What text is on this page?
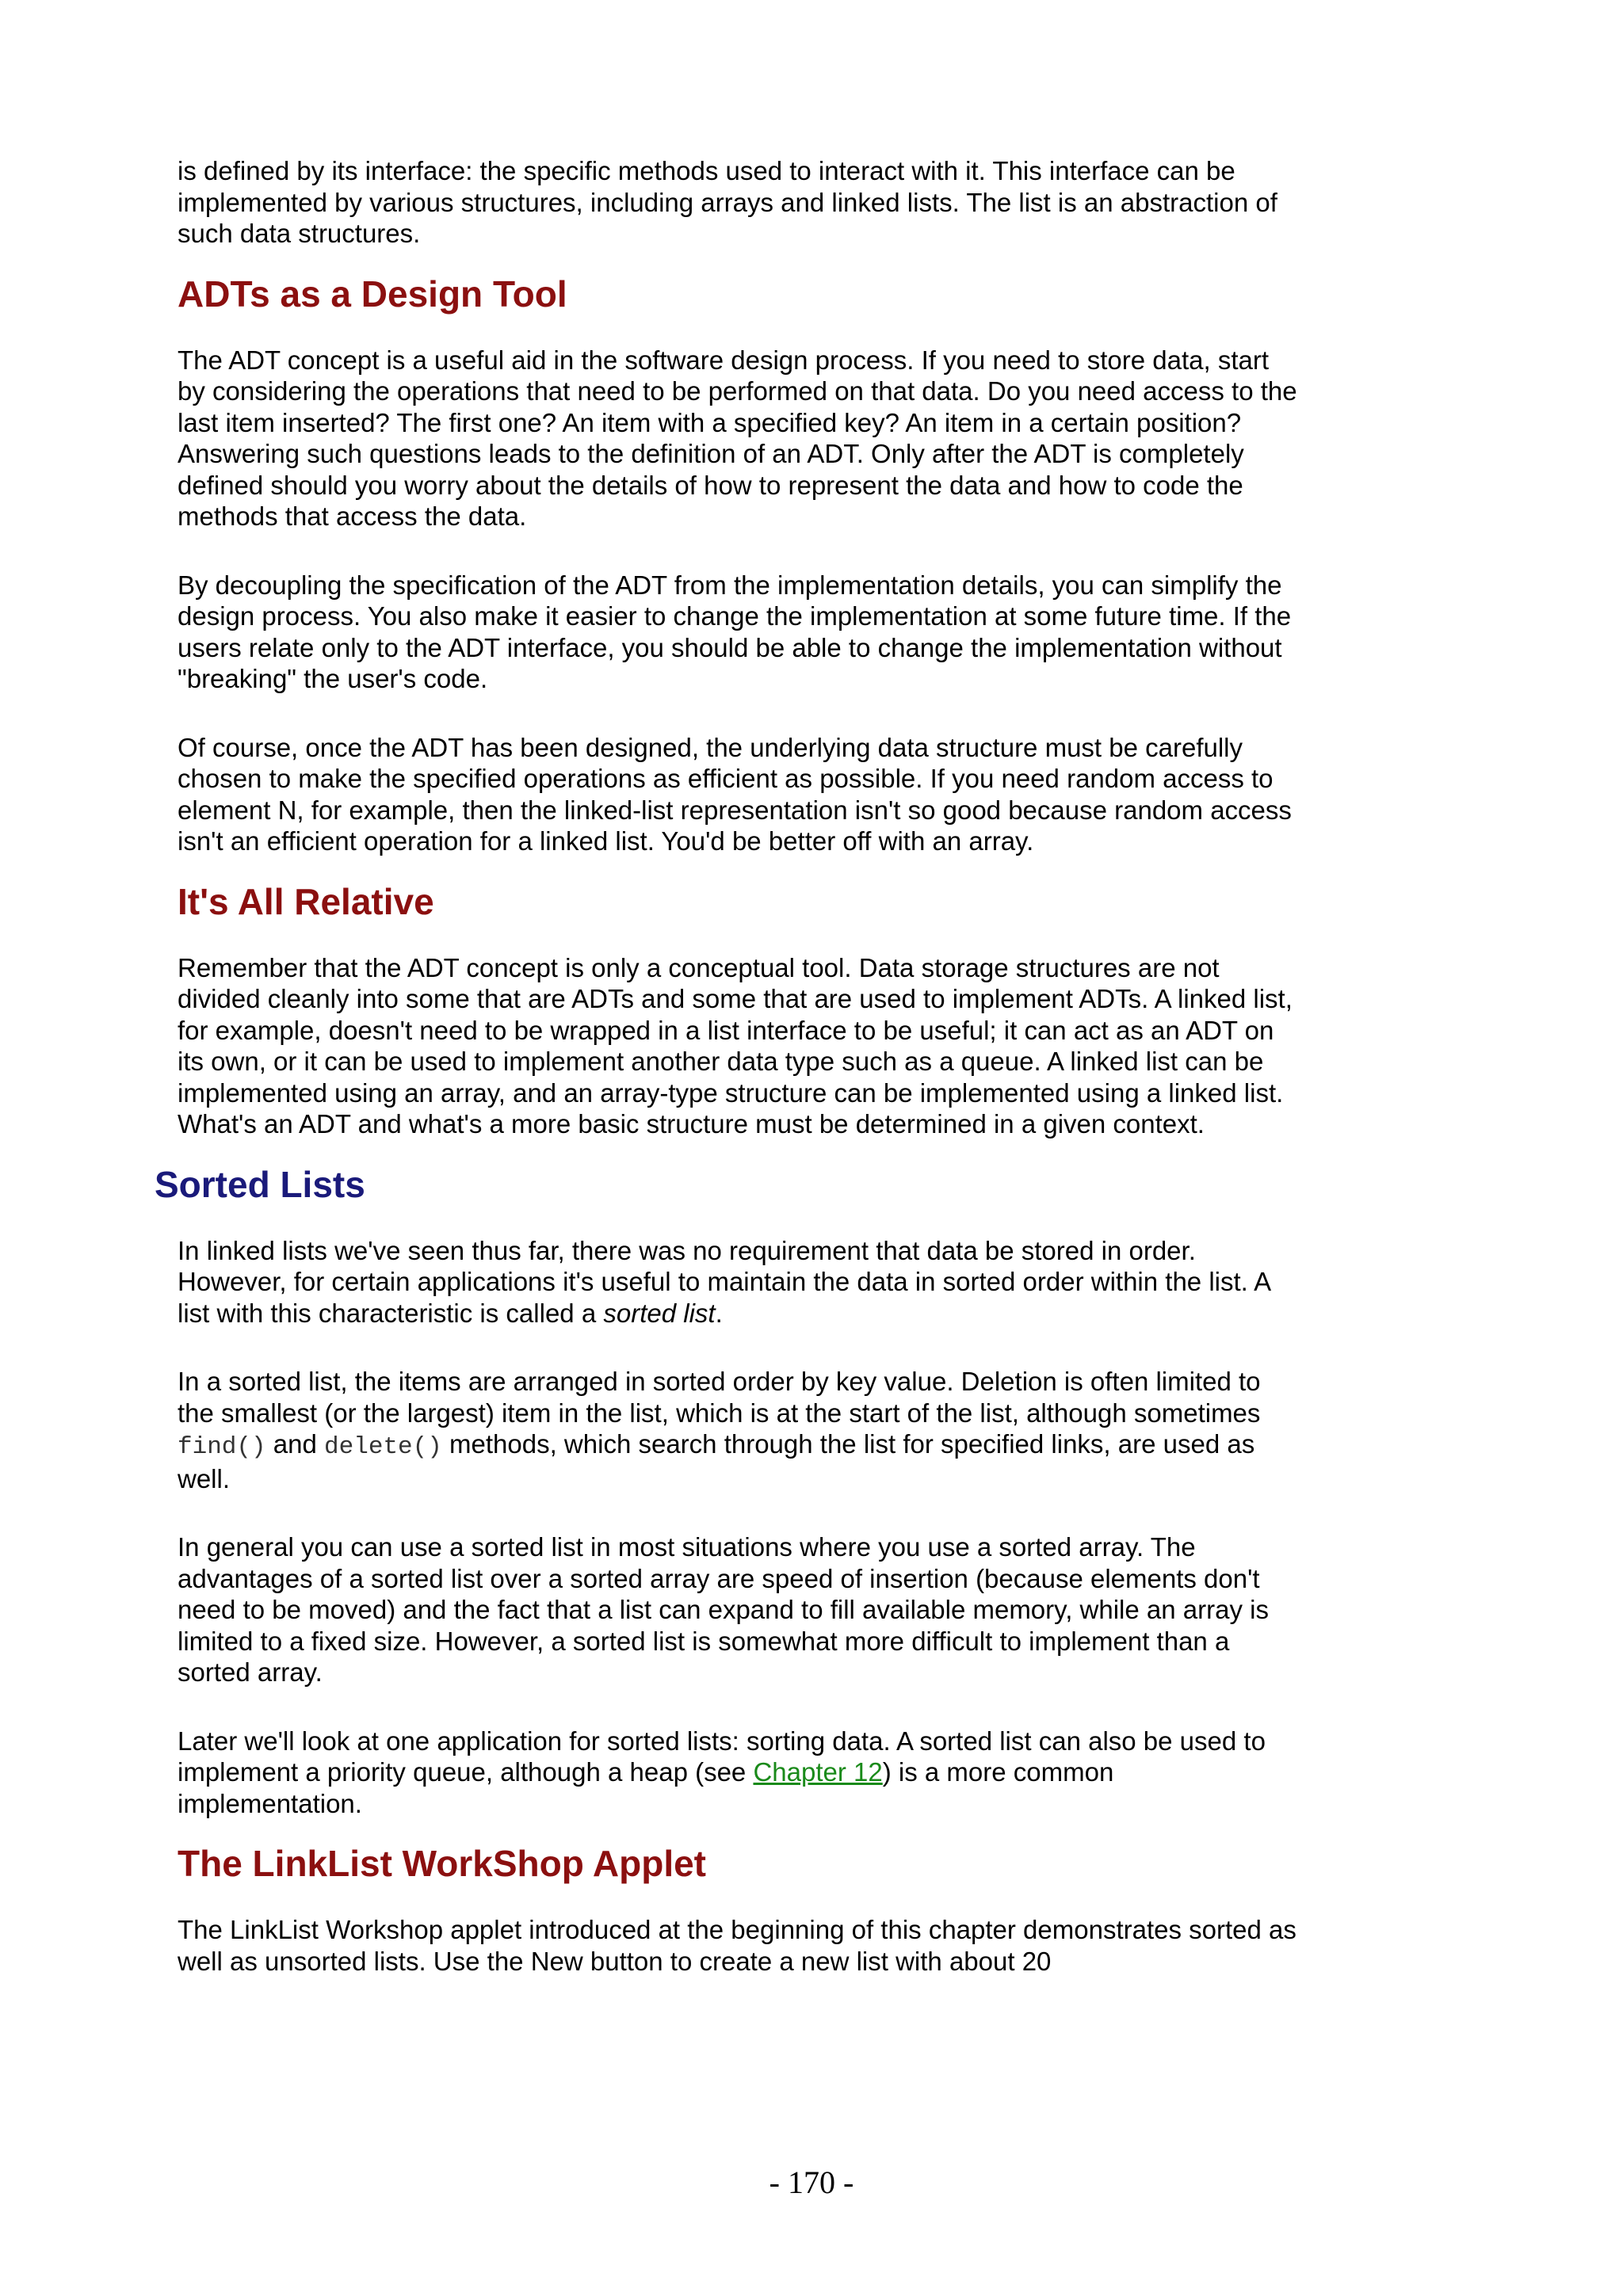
is defined by its interface: the specific methods used to interact with it. This interface can be implemented by various structures, including arrays and linked lists. The list is an abstraction of such data structures.

ADTs as a Design Tool

The ADT concept is a useful aid in the software design process. If you need to store data, start by considering the operations that need to be performed on that data. Do you need access to the last item inserted? The first one? An item with a specified key? An item in a certain position? Answering such questions leads to the definition of an ADT. Only after the ADT is completely defined should you worry about the details of how to represent the data and how to code the methods that access the data.

By decoupling the specification of the ADT from the implementation details, you can simplify the design process. You also make it easier to change the implementation at some future time. If the users relate only to the ADT interface, you should be able to change the implementation without "breaking" the user's code.

Of course, once the ADT has been designed, the underlying data structure must be carefully chosen to make the specified operations as efficient as possible. If you need random access to element N, for example, then the linked-list representation isn't so good because random access isn't an efficient operation for a linked list. You'd be better off with an array.

It's All Relative

Remember that the ADT concept is only a conceptual tool. Data storage structures are not divided cleanly into some that are ADTs and some that are used to implement ADTs. A linked list, for example, doesn't need to be wrapped in a list interface to be useful; it can act as an ADT on its own, or it can be used to implement another data type such as a queue. A linked list can be implemented using an array, and an array-type structure can be implemented using a linked list. What's an ADT and what's a more basic structure must be determined in a given context.

Sorted Lists

In linked lists we've seen thus far, there was no requirement that data be stored in order. However, for certain applications it's useful to maintain the data in sorted order within the list. A list with this characteristic is called a sorted list.

In a sorted list, the items are arranged in sorted order by key value. Deletion is often limited to the smallest (or the largest) item in the list, which is at the start of the list, although sometimes find() and delete() methods, which search through the list for specified links, are used as well.

In general you can use a sorted list in most situations where you use a sorted array. The advantages of a sorted list over a sorted array are speed of insertion (because elements don't need to be moved) and the fact that a list can expand to fill available memory, while an array is limited to a fixed size. However, a sorted list is somewhat more difficult to implement than a sorted array.

Later we'll look at one application for sorted lists: sorting data. A sorted list can also be used to implement a priority queue, although a heap (see Chapter 12) is a more common implementation.

The LinkList WorkShop Applet

The LinkList Workshop applet introduced at the beginning of this chapter demonstrates sorted as well as unsorted lists. Use the New button to create a new list with about 20

- 170 -
